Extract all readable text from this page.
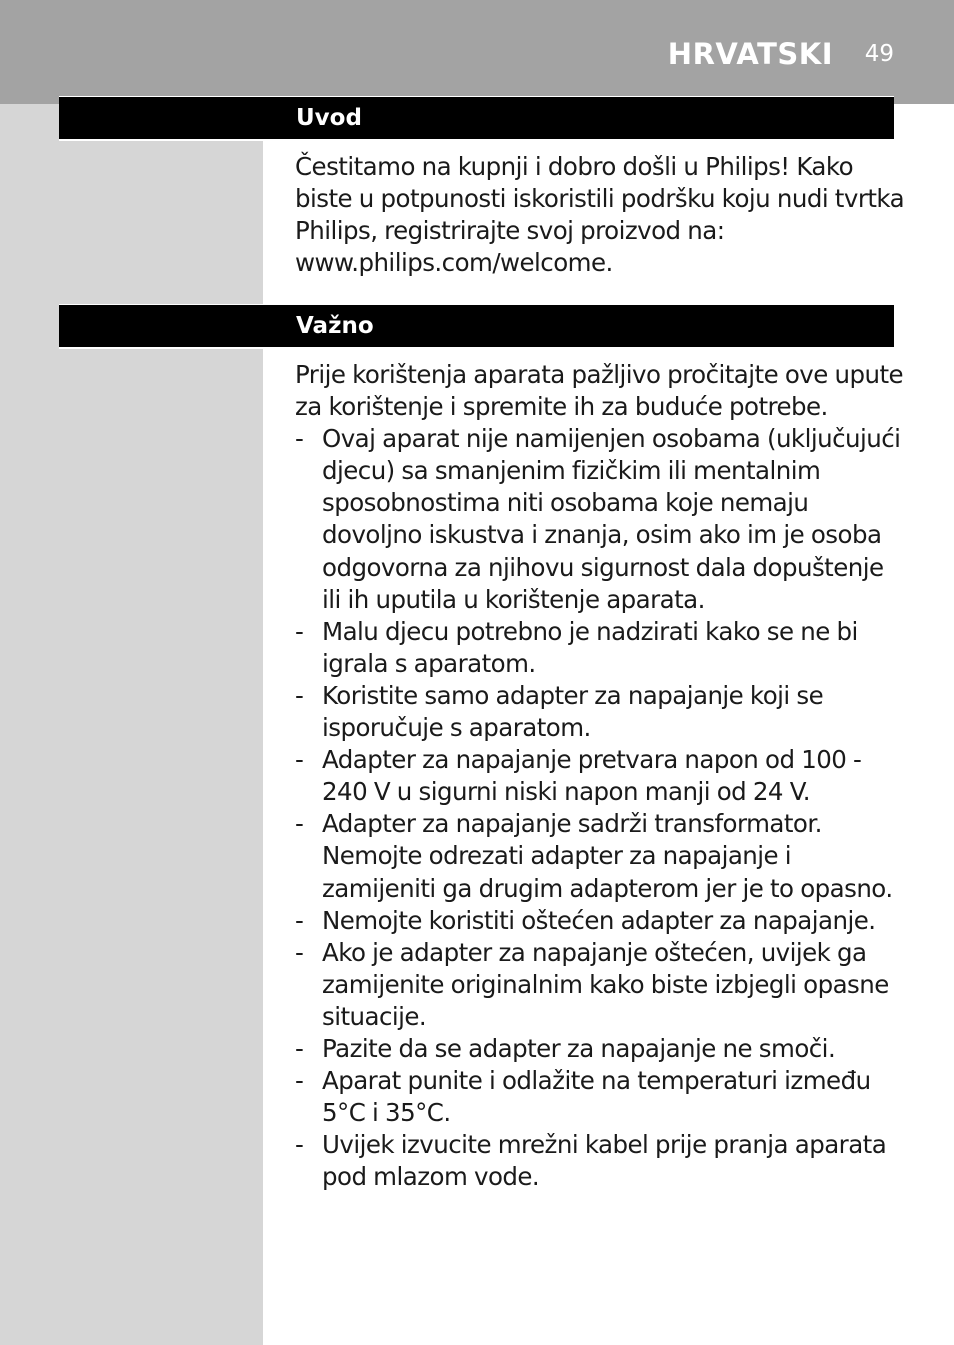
HRVATSKI 49
Uvod

Čestitamo na kupnji i dobro došli u Philips! Kako biste u potpunosti iskoristili podršku koju nudi tvrtka Philips, registrirajte svoj proizvod na: www.philips.com/welcome.

Važno

Prije korištenja aparata pažljivo pročitajte ove upute za korištenje i spremite ih za buduće potrebe.

- Ovaj aparat nije namijenjen osobama (uključujući djecu) sa smanjenim fizičkim ili mentalnim sposobnostima niti osobama koje nemaju dovoljno iskustva i znanja, osim ako im je osoba odgovorna za njihovu sigurnost dala dopuštenje ili ih uputila u korištenje aparata.
- Malu djecu potrebno je nadzirati kako se ne bi igrala s aparatom.
- Koristite samo adapter za napajanje koji se isporučuje s aparatom.
- Adapter za napajanje pretvara napon od 100 - 240 V u sigurni niski napon manji od 24 V.
- Adapter za napajanje sadrži transformator. Nemojte odrezati adapter za napajanje i zamijeniti ga drugim adapterom jer je to opasno.
- Nemojte koristiti oštećen adapter za napajanje.
- Ako je adapter za napajanje oštećen, uvijek ga zamijenite originalnim kako biste izbjegli opasne situacije.
- Pazite da se adapter za napajanje ne smoči.
- Aparat punite i odlažite na temperaturi između 5°C i 35°C.
- Uvijek izvucite mrežni kabel prije pranja aparata pod mlazom vode.
